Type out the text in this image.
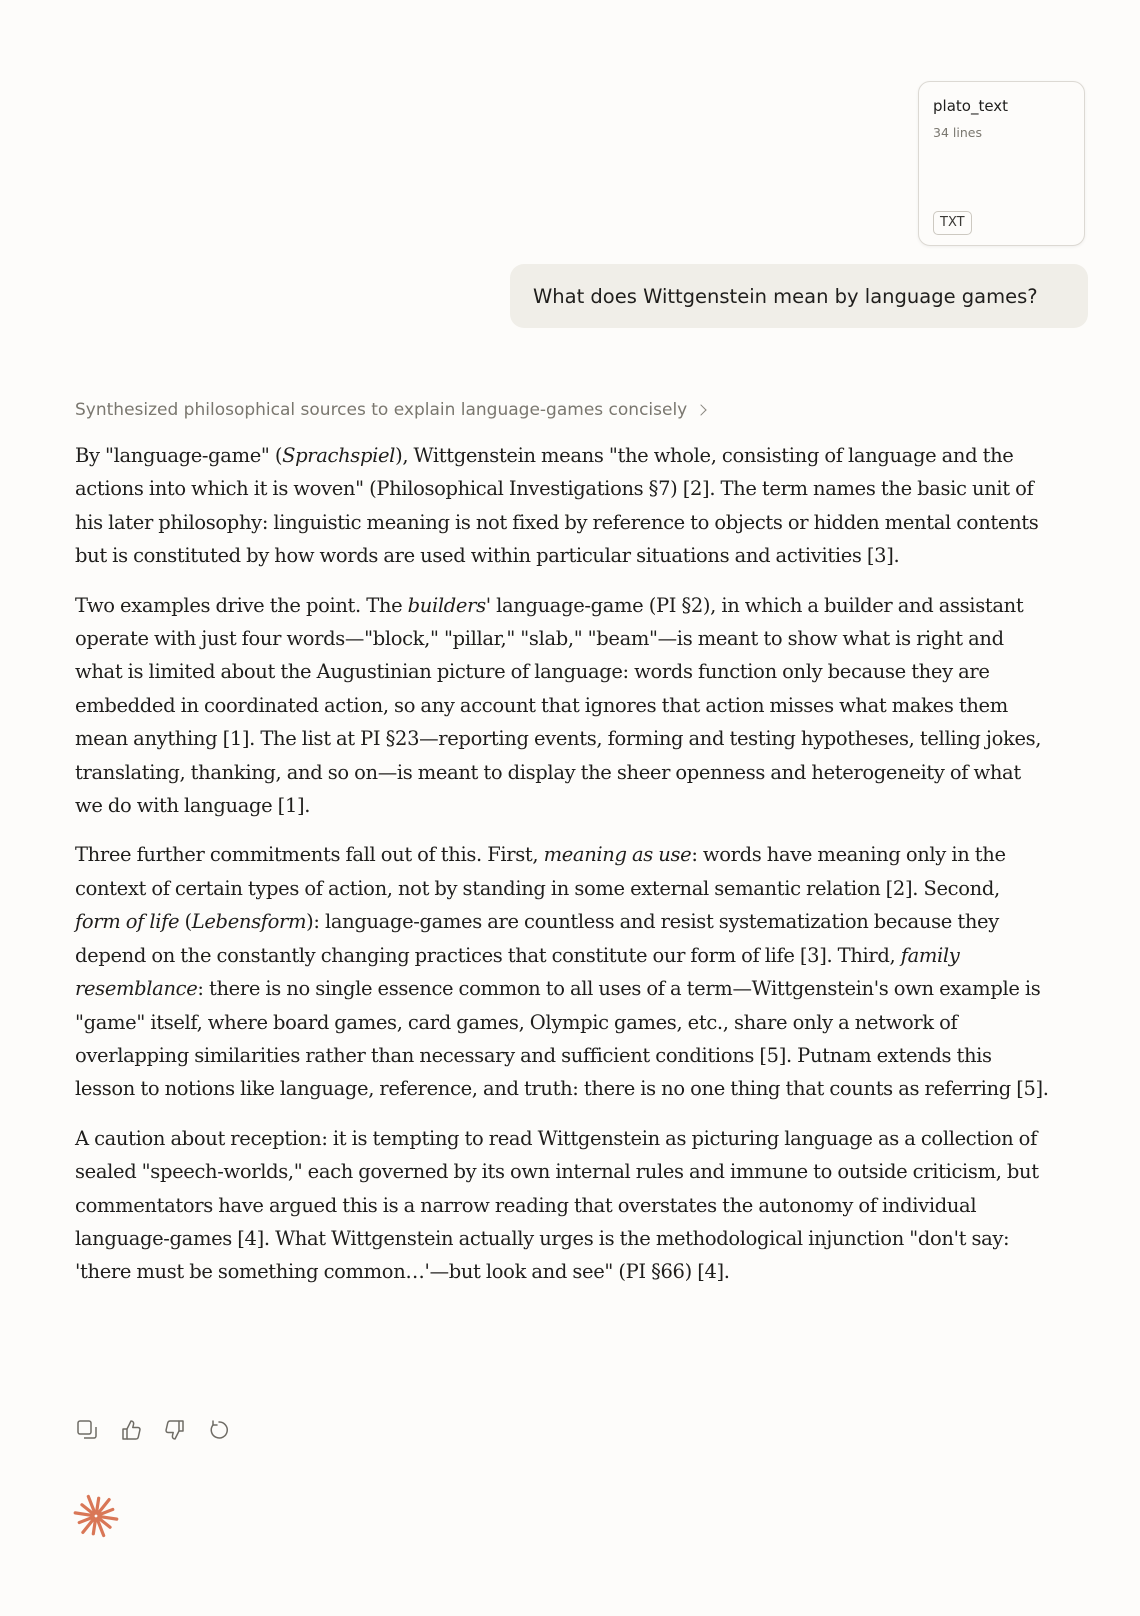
plato_text
34 lines
TXT
What does Wittgenstein mean by language games?
Synthesized philosophical sources to explain language-games concisely

By "language-game" (Sprachspiel), Wittgenstein means "the whole, consisting of language and the actions into which it is woven" (Philosophical Investigations §7) [2]. The term names the basic unit of his later philosophy: linguistic meaning is not fixed by reference to objects or hidden mental contents but is constituted by how words are used within particular situations and activities [3].

Two examples drive the point. The builders' language-game (PI §2), in which a builder and assistant operate with just four words—"block," "pillar," "slab," "beam"—is meant to show what is right and what is limited about the Augustinian picture of language: words function only because they are embedded in coordinated action, so any account that ignores that action misses what makes them mean anything [1]. The list at PI §23—reporting events, forming and testing hypotheses, telling jokes, translating, thanking, and so on—is meant to display the sheer openness and heterogeneity of what we do with language [1].

Three further commitments fall out of this. First, meaning as use: words have meaning only in the context of certain types of action, not by standing in some external semantic relation [2]. Second, form of life (Lebensform): language-games are countless and resist systematization because they depend on the constantly changing practices that constitute our form of life [3]. Third, family resemblance: there is no single essence common to all uses of a term—Wittgenstein's own example is "game" itself, where board games, card games, Olympic games, etc., share only a network of overlapping similarities rather than necessary and sufficient conditions [5]. Putnam extends this lesson to notions like language, reference, and truth: there is no one thing that counts as referring [5].

A caution about reception: it is tempting to read Wittgenstein as picturing language as a collection of sealed "speech-worlds," each governed by its own internal rules and immune to outside criticism, but commentators have argued this is a narrow reading that overstates the autonomy of individual language-games [4]. What Wittgenstein actually urges is the methodological injunction "don't say: 'there must be something common…'—but look and see" (PI §66) [4].
